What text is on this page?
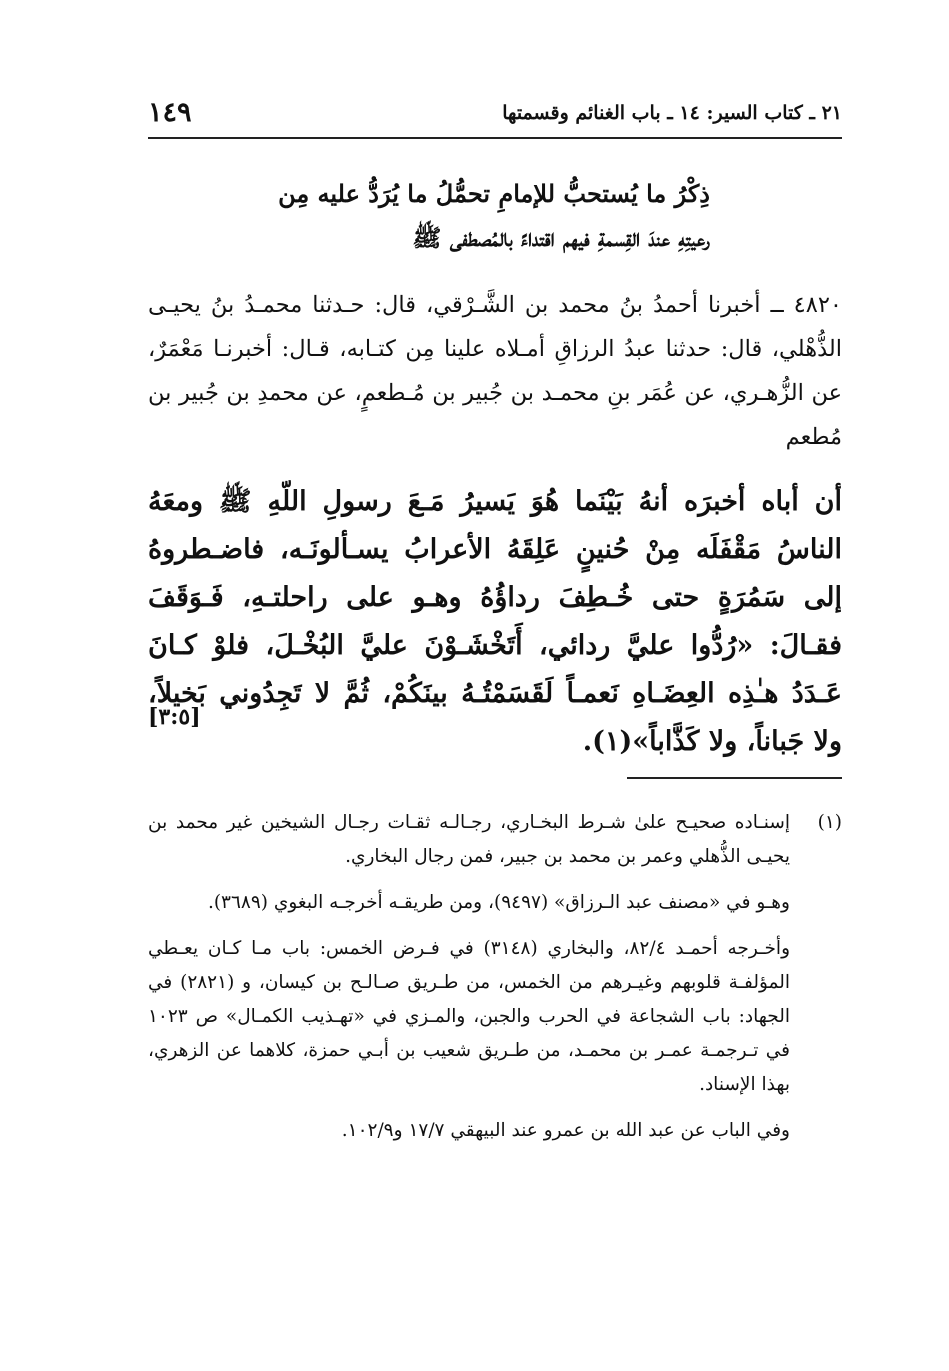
١٤٩	٢١ ـ كتاب السير: ١٤ ـ باب الغنائم وقسمتها
ذِكْرُ ما يُستحبُّ للإمامِ تحمُّلُ ما يُرَدُّ عليه مِن
رعيتِهِ عندَ القِسمةِ فيهم اقتداءً بالمُصطفى ﷺ
٤٨٢٠ ــ أخبرنا أحمدُ بنُ محمد بن الشَّـرْقي، قال: حـدثنا محمـدُ بنُ يحيـى الذُّهْلي، قال: حدثنا عبدُ الرزاقِ أمـلاه علينا مِن كتـابه، قـال: أخبرنـا مَعْمَرٌ، عن الزُّهـري، عن عُمَر بنِ محمـد بن جُبير بن مُـطعمٍ، عن محمدِ بن جُبير بن مُطعم
أن أباه أخبرَه أنهُ بَيْنَما هُوَ يَسيرُ مَـعَ رسولِ اللّهِ ﷺ ومعَهُ الناسُ مَقْفَلَه مِنْ حُنينٍ عَلِقَهُ الأعرابُ يسـألونَـه، فاضـطروهُ إلى سَمُرَةٍ حتى خُـطِفَ رداؤُهُ وهـو على راحلتـهِ، فَـوَقَفَ فقـالَ: «رُدُّوا عليَّ ردائي، أَتَخْشَـوْنَ عليَّ البُخْـلَ، فلوْ كـانَ عَـدَدُ هـٰذِه العِضَـاهِ نَعمـاً لَقَسَمْتُـهُ بينَكُمْ، ثُمَّ لا تَجِدُوني بَخيلاً، ولا جَباناً، ولا كَذَّاباً»(١).
[٣:٥]
(١)
إسنـاده صحيـح علىٰ شـرط البخـاري، رجـالـه ثقـات رجـال الشيخين غير محمد بن يحيـى الذُّهلي وعمر بن محمد بن جبير، فمن رجال البخاري.
وهـو في «مصنف عبد الـرزاق» (٩٤٩٧)، ومن طريقـه أخرجـه البغوي (٣٦٨٩).
وأخـرجه أحمـد ٨٢/٤، والبخاري (٣١٤٨) في فـرض الخمس: باب مـا كـان يعـطي المؤلفـة قلوبهم وغيـرهم من الخمس، من طـريق صـالـح بن كيسان، و (٢٨٢١) في الجهاد: باب الشجاعة في الحرب والجبن، والمـزي في «تهـذيب الكمـال» ص ١٠٢٣ في تـرجمـة عمـر بن محمـد، من طـريق شعيب بن أبـي حمزة، كلاهما عن الزهري، بهذا الإسناد.
وفي الباب عن عبد الله بن عمرو عند البيهقي ١٧/٧ و١٠٢/٩.
